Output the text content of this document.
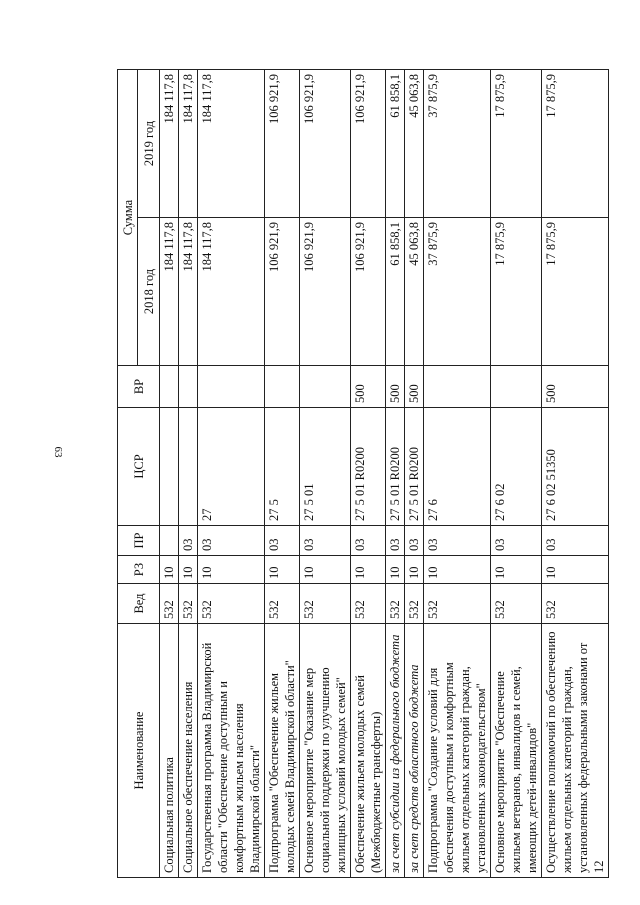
63
Наименование	Вед	РЗ	ПР	ЦСР	ВР	Сумма	
						2018 год	2019 год
Социальная политика	532	10				184 117,8	184 117,8
Социальное обеспечение населения	532	10	03			184 117,8	184 117,8
Государственная программа Владимирской области "Обеспечение доступным и комфортным жильем населения Владимирской области"	532	10	03	27		184 117,8	184 117,8
Подпрограмма "Обеспечение жильем молодых семей Владимирской области"	532	10	03	27 5		106 921,9	106 921,9
Основное мероприятие "Оказание мер социальной поддержки по улучшению жилищных условий молодых семей"	532	10	03	27 5 01		106 921,9	106 921,9
Обеспечение жильем молодых семей (Межбюджетные трансферты)	532	10	03	27 5 01 R0200	500	106 921,9	106 921,9
за счет субсидии из федерального бюджета	532	10	03	27 5 01 R0200	500	61 858,1	61 858,1
за счет средств областного бюджета	532	10	03	27 5 01 R0200	500	45 063,8	45 063,8
Подпрограмма "Создание условий для обеспечения доступным и комфортным жильем отдельных категорий граждан, установленных законодательством"	532	10	03	27 6		37 875,9	37 875,9
Основное мероприятие "Обеспечение жильем ветеранов, инвалидов и семей, имеющих детей-инвалидов"	532	10	03	27 6 02		17 875,9	17 875,9
Осуществление полномочий по обеспечению жильем отдельных категорий граждан, установленных федеральными законами от 12	532	10	03	27 6 02 51350	500	17 875,9	17 875,9
